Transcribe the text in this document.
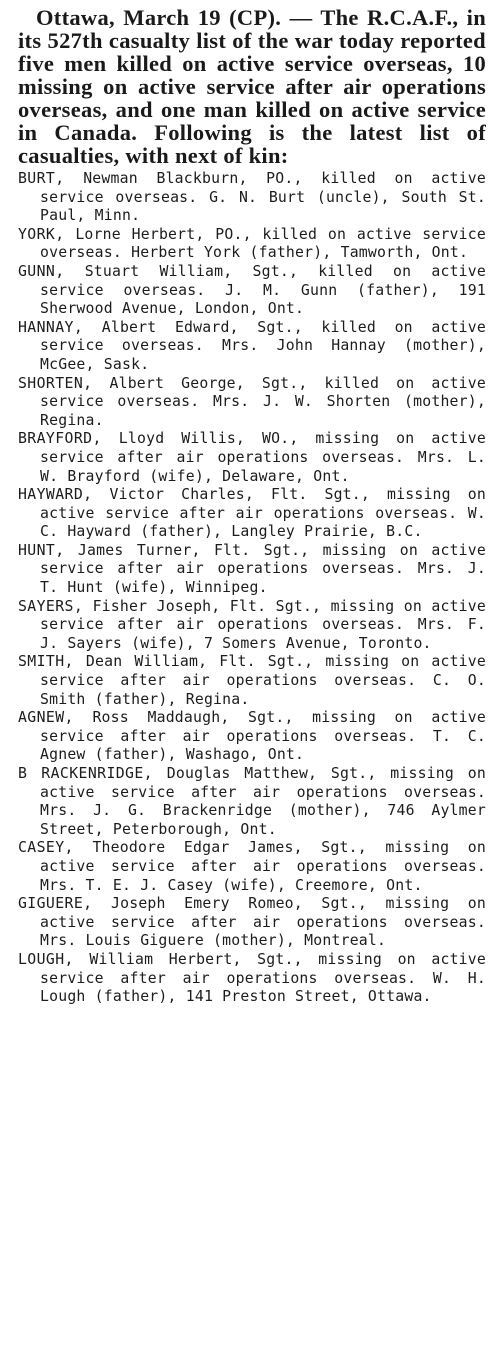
Ottawa, March 19 (CP). — The R.C.A.F., in its 527th casualty list of the war today reported five men killed on active service overseas, 10 missing on active service after air operations overseas, and one man killed on active service in Canada. Following is the latest list of casualties, with next of kin:

BURT, Newman Blackburn, PO., killed on active service overseas. G. N. Burt (uncle), South St. Paul, Minn.

YORK, Lorne Herbert, PO., killed on active service overseas. Herbert York (father), Tamworth, Ont.

GUNN, Stuart William, Sgt., killed on active service overseas. J. M. Gunn (father), 191 Sherwood Avenue, London, Ont.

HANNAY, Albert Edward, Sgt., killed on active service overseas. Mrs. John Hannay (mother), McGee, Sask.

SHORTEN, Albert George, Sgt., killed on active service overseas. Mrs. J. W. Shorten (mother), Regina.

BRAYFORD, Lloyd Willis, WO., missing on active service after air operations overseas. Mrs. L. W. Brayford (wife), Delaware, Ont.

HAYWARD, Victor Charles, Flt. Sgt., missing on active service after air operations overseas. W. C. Hayward (father), Langley Prairie, B.C.

HUNT, James Turner, Flt. Sgt., missing on active service after air operations overseas. Mrs. J. T. Hunt (wife), Winnipeg.

SAYERS, Fisher Joseph, Flt. Sgt., missing on active service after air operations overseas. Mrs. F. J. Sayers (wife), 7 Somers Avenue, Toronto.

SMITH, Dean William, Flt. Sgt., missing on active service after air operations overseas. C. O. Smith (father), Regina.

AGNEW, Ross Maddaugh, Sgt., missing on active service after air operations overseas. T. C. Agnew (father), Washago, Ont.

B RACKENRIDGE, Douglas Matthew, Sgt., missing on active service after air operations overseas. Mrs. J. G. Brackenridge (mother), 746 Aylmer Street, Peterborough, Ont.

CASEY, Theodore Edgar James, Sgt., missing on active service after air operations overseas. Mrs. T. E. J. Casey (wife), Creemore, Ont.

GIGUERE, Joseph Emery Romeo, Sgt., missing on active service after air operations overseas. Mrs. Louis Giguere (mother), Montreal.

LOUGH, William Herbert, Sgt., missing on active service after air operations overseas. W. H. Lough (father), 141 Preston Street, Ottawa.
